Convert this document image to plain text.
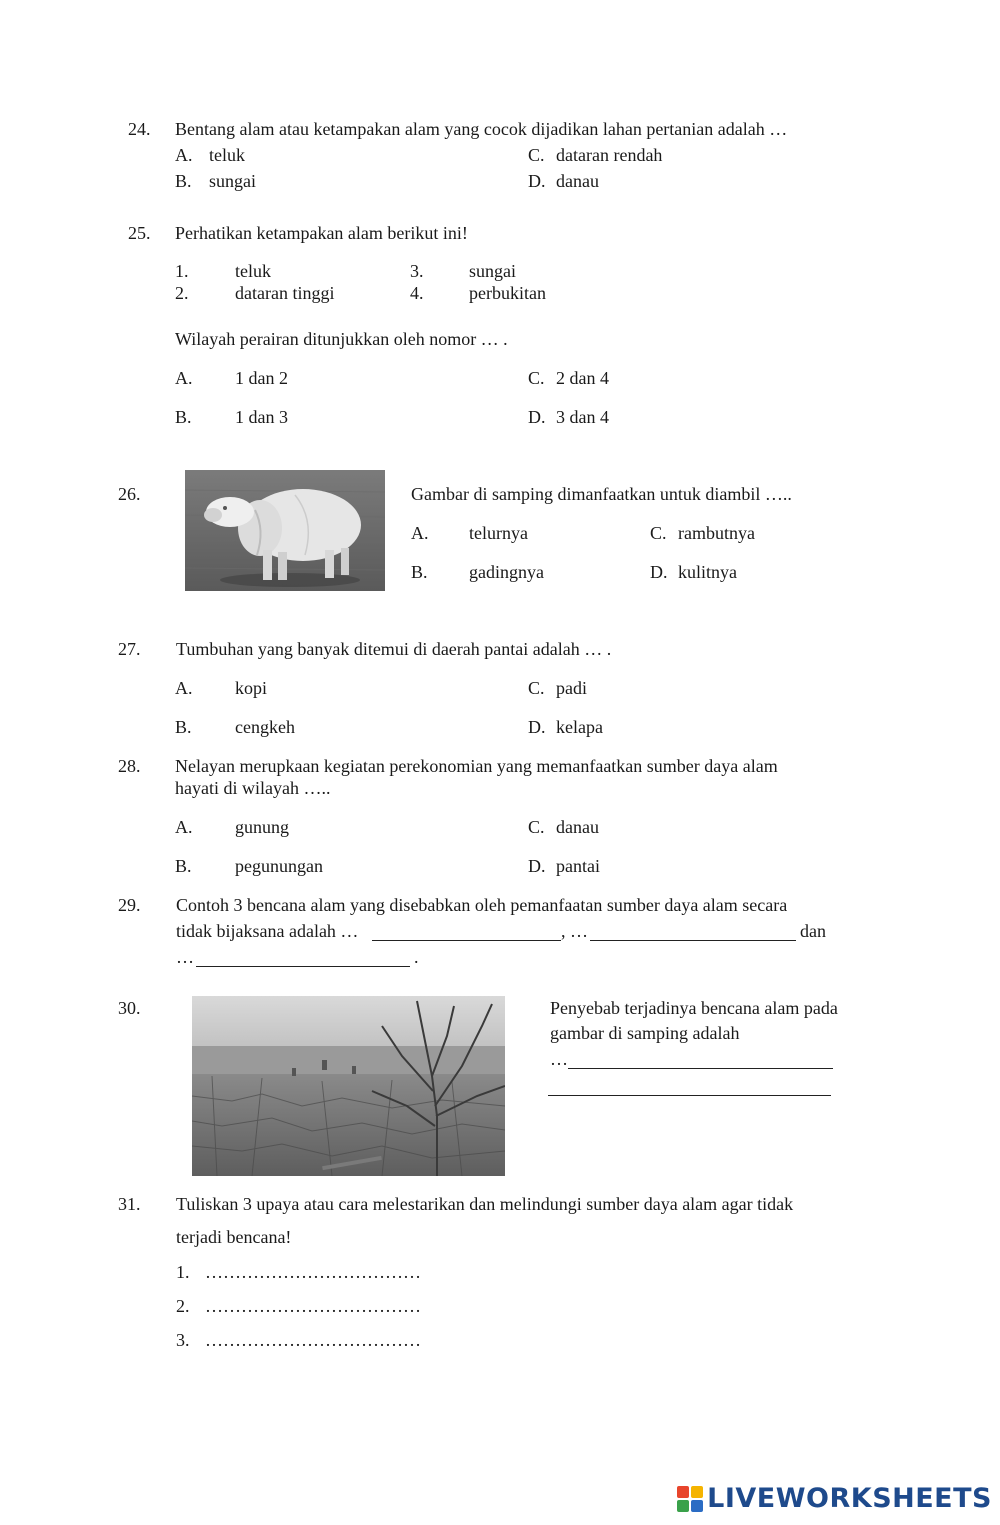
24. Bentang alam atau ketampakan alam yang cocok dijadikan lahan pertanian adalah …
A. teluk	C. dataran rendah
B. sungai	D. danau
25. Perhatikan ketampakan alam berikut ini!
1.	teluk	3.	sungai
2.	dataran tinggi	4.	perbukitan
Wilayah perairan ditunjukkan oleh nomor … .
A. 1 dan 2	C. 2 dan 4
B. 1 dan 3	D. 3 dan 4
26.	Gambar di samping dimanfaatkan untuk diambil …..
A. telurnya	C. rambutnya
B. gadingnya	D. kulitnya
27. Tumbuhan yang banyak ditemui di daerah pantai adalah … .
A. kopi	C. padi
B. cengkeh	D. kelapa
28. Nelayan merupkaan kegiatan perekonomian yang memanfaatkan sumber daya alam
hayati di wilayah …..
A. gunung	C. danau
B. pegunungan	D. pantai
29. Contoh 3 bencana alam yang disebabkan oleh pemanfaatan sumber daya alam secara
tidak bijaksana adalah …	, …	dan
…	.
30.	Penyebab terjadinya bencana alam pada
gambar di samping adalah
…
31. Tuliskan 3 upaya atau cara melestarikan dan melindungi sumber daya alam agar tidak
terjadi bencana!
1. ………………………………
2. ………………………………
3. ………………………………
LIVEWORKSHEETS
